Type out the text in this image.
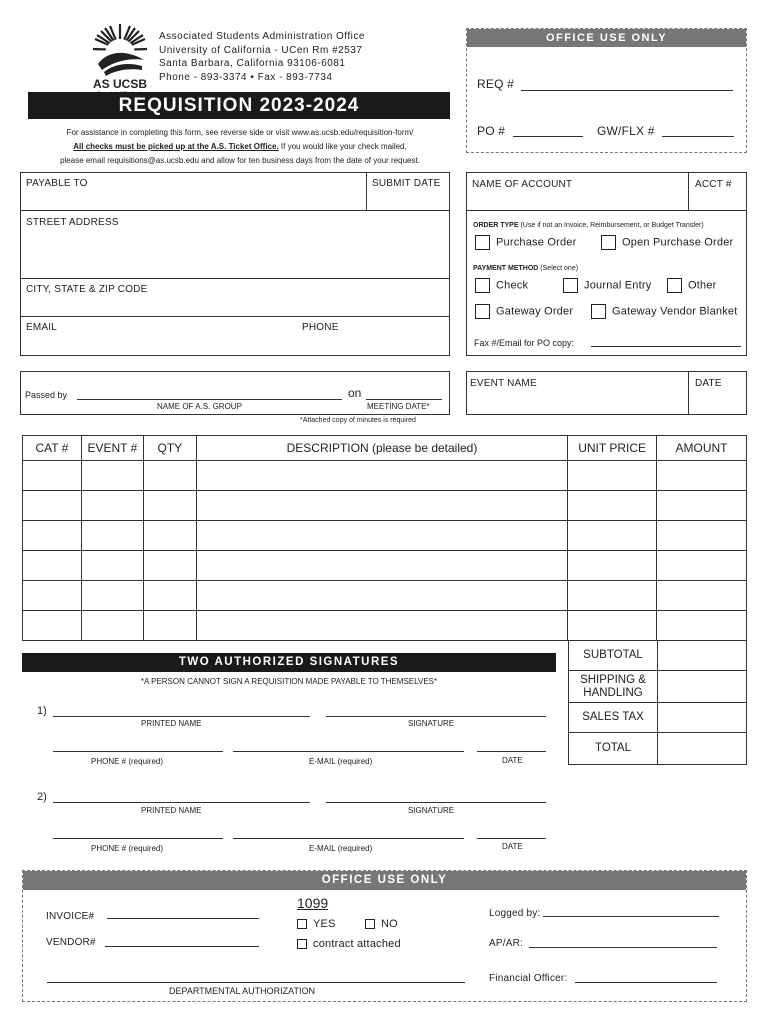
AS UCSB
Associated Students Administration Office
University of California - UCen Rm #2537
Santa Barbara, California 93106-6081
Phone - 893-3374 • Fax - 893-7734
REQUISITION 2023-2024
For assistance in completing this form, see reverse side or visit www.as.ucsb.edu/requisition-form/
All checks must be picked up at the A.S. Ticket Office. If you would like your check mailed,
please email requisitions@as.ucsb.edu and allow for ten business days from the date of your request.
OFFICE USE ONLY
REQ #
PO #	GW/FLX #
PAYABLE TO	SUBMIT DATE
STREET ADDRESS
CITY, STATE & ZIP CODE
EMAIL	PHONE
NAME OF ACCOUNT	ACCT #
ORDER TYPE (Use if not an Invoice, Reimbursement, or Budget Transfer)
Purchase Order	Open Purchase Order
PAYMENT METHOD (Select one)
Check	Journal Entry	Other
Gateway Order	Gateway Vendor Blanket
Fax #/Email for PO copy:
Passed by	on
NAME OF A.S. GROUP	MEETING DATE*
*Attached copy of minutes is required
EVENT NAME	DATE
CAT #	EVENT #	QTY	DESCRIPTION (please be detailed)	UNIT PRICE	AMOUNT

SUBTOTAL
SHIPPING & HANDLING
SALES TAX
TOTAL
TWO AUTHORIZED SIGNATURES
*A PERSON CANNOT SIGN A REQUISITION MADE PAYABLE TO THEMSELVES*
1)
PRINTED NAME	SIGNATURE
PHONE # (required)	E-MAIL (required)	DATE
2)
PRINTED NAME	SIGNATURE
PHONE # (required)	E-MAIL (required)	DATE
OFFICE USE ONLY
INVOICE#
VENDOR#
1099
YES	NO
contract attached
Logged by:
AP/AR:
Financial Officer:
DEPARTMENTAL AUTHORIZATION
